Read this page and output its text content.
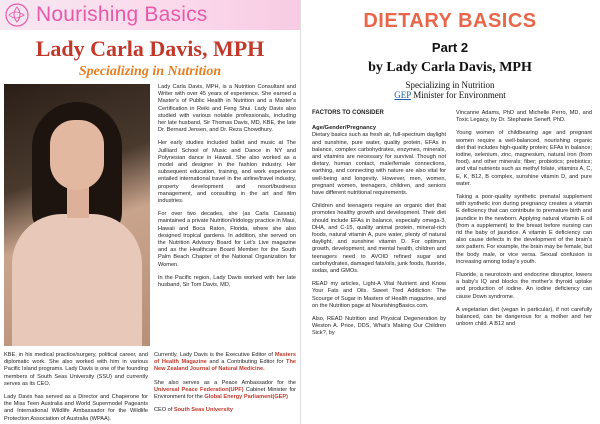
Nourishing Basics
Lady Carla Davis, MPH
Specializing in Nutrition

Lady Carla Davis, MPH, is a Nutrition Consultant and Writer with over 45 years of experience. She earned a Master's of Public Health in Nutrition and a Master's Certification in Reiki and Feng Shui. Lady Davis also studied with various notable professionals, including her late husband, Sir Thomas Davis, MD, KBE, the late Dr. Bernard Jensen, and Dr. Reza Chowdhury.

Her early studies included ballet and music at The Juilliard School of Music and Dance in NY and Polynesian dance in Hawaii. She also worked as a model and designer in the fashion industry. Her subsequent education, training, and work experience entailed international travel in the airline/travel industry, property development and resort/business management, and consulting in the art and film industries.

For over two decades, she (as Carla Cassata) maintained a private Nutrition/Iridology practice in Maui, Hawaii and Boca Raton, Florida, where she also designed tropical gardens. In addition, she served on the Nutrition Advisory Board for Let's Live magazine and as the Healthcare Board Member for the South Palm Beach Chapter of the National Organization for Women.

In the Pacific region, Lady Davis worked with her late husband, Sir Tom Davis, MD,

KBE, in his medical practice/surgery, political career, and diplomatic work. She also worked with him in various Pacific Island programs. Lady Davis is one of the founding members of South Seas University (SSU) and currently serves as its CEO.

Lady Davis has served as a Director and Chaperone for the Miss Teen Australia and World Supermodel Pageants and International Wildlife Ambassador for the Wildlife Protection Association of Australia (WPAA).

Currently, Lady Davis is the Executive Editor of Masters of Health Magazine and a Contributing Editor for The New Zealand Journal of Natural Medicine.

She also serves as a Peace Ambassador for the Universal Peace Federation(UPF) Cabinet Minister for Environment for the Global Energy Parliament(GEP)

CEO of South Seas University

DIETARY BASICS
Part 2
by Lady Carla Davis, MPH
Specializing in Nutrition
GEP Minister for Environment
FACTORS TO CONSIDER
Age/Gender/Pregnancy

Dietary basics such as fresh air, full-spectrum daylight and sunshine, pure water, quality protein, EFAs in balance, complex carbohydrates, enzymes, minerals, and vitamins are necessary for survival. Though not dietary, human contact, male/female connections, earthing, and connecting with nature are also vital for well-being and longevity. However, men, women, pregnant women, teenagers, children, and seniors have different nutritional requirements.

Children and teenagers require an organic diet that promotes healthy growth and development. Their diet should include EFAs in balance, especially omega-3, DHA, and C-15, quality animal protein, mineral-rich foods, natural vitamin A, pure water, plenty of natural daylight, and sunshine vitamin D. For optimum growth, development, and mental health, children and teenagers need to AVOID refined sugar and carbohydrates, damaged fats/oils, junk foods, fluoride, sodas, and GMOs.

READ my articles, Light-A Vital Nutrient and Know Your Fats and Oils. Sweet Tred Addiction: The Scourge of Sugar in Masters of Health magazine, and on the Nutrition page at NourishingBasics.com.

Also, READ Nutrition and Physical Degeneration by Weston A. Price, DDS, What's Making Our Children Sick?, by

Vincanne Adams, PhD and Michelle Perro, MD, and Toxic Legacy, by Dr. Stephanie Seneff, PhD.

Young women of childbearing age and pregnant women require a well-balanced, nourishing organic diet that includes high-quality protein; EFAs in balance; iodine, selenium, zinc, magnesium, natural iron (from food), and other minerals; fiber; probiotics; prebiotics; and vital nutrients such as methyl folate, vitamins A, C, E, K, B12, B complex, sunshine vitamin D, and pure water.

Taking a poor-quality synthetic prenatal supplement with synthetic iron during pregnancy creates a vitamin E deficiency that can contribute to premature birth and jaundice in the newborn. Applying natural vitamin E oil (from a supplement) to the breast before nursing can rid the baby of jaundice. A vitamin E deficiency can also cause defects in the development of the brain's sex pattern. For example, the brain may be female, but the body male, or vice versa. Sexual confusion is increasing among today's youth.

Fluoride, a neurotoxin and endocrine disruptor, lowers a baby's IQ and blocks the mother's thyroid uptake and production of iodine. An iodine deficiency can cause Down syndrome.

A vegetarian diet (vegan in particular), if not carefully balanced, can be dangerous for a mother and her unborn child. A B12 and
